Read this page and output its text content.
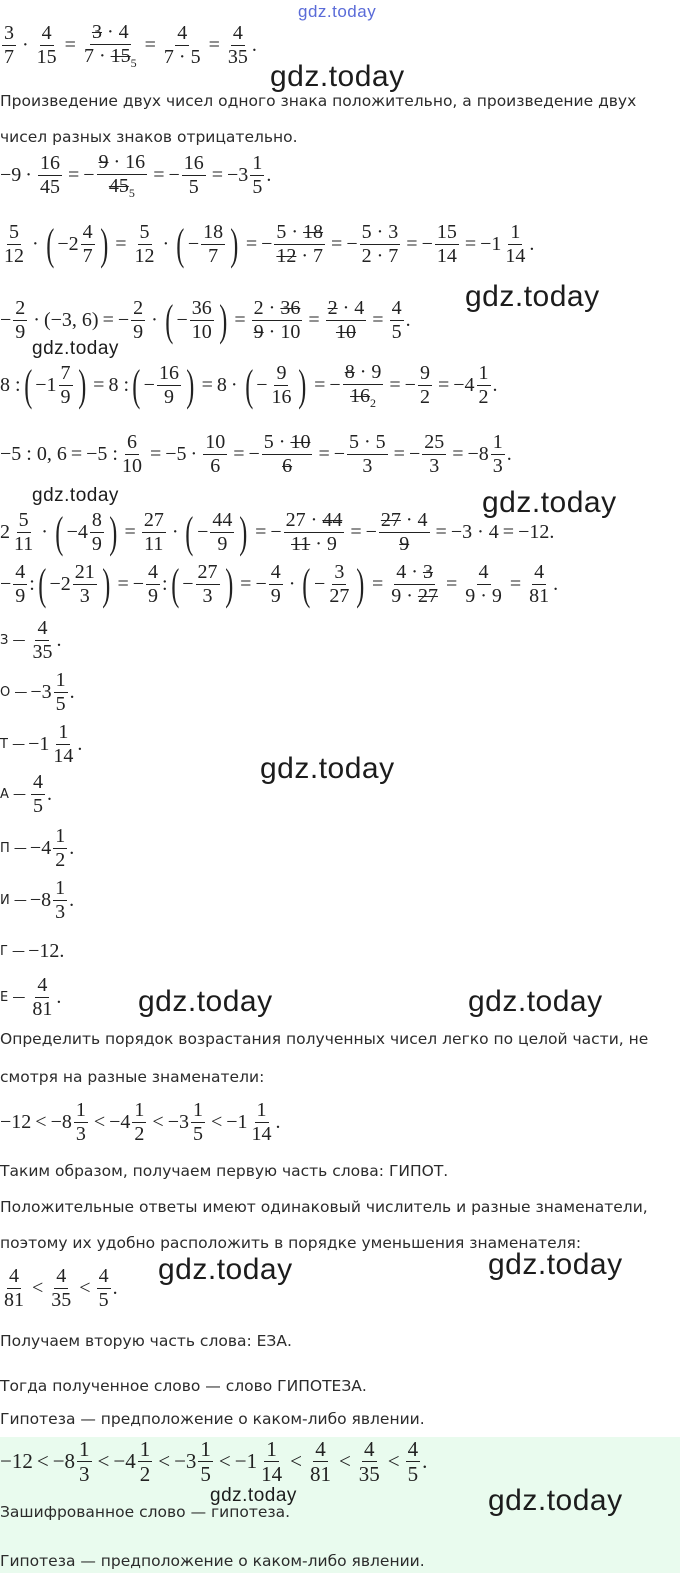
gdz.today
gdz.today
gdz.today
gdz.today
gdz.today	gdz.today
gdz.today
gdz.today	gdz.today
gdz.today	gdz.today
gdz.today	gdz.today
$\frac{3}{7} \cdot \frac{4}{15} = \frac{3 \cdot 4}{7 \cdot 15_5} = \frac{4}{7 \cdot 5} = \frac{4}{35}$ .
Произведение двух чисел одного знака положительно, а произведение двух
чисел разных знаков отрицательно.
$-9 \cdot \frac{16}{45}$ = − $\frac{9 \cdot 16}{45_5}$ = − $\frac{16}{5} = -3 \frac{1}{5}$ .
$\frac{5}{12}$ · ( $-2 \frac{4}{7}$ ) = $\frac{5}{12}$ · ( − $\frac{18}{7}$ ) = − $\frac{5 \cdot 18}{12 \cdot 7}$ = − $\frac{5 \cdot 3}{2 \cdot 7}$ = − $\frac{15}{14} = -1 \frac{1}{14}$ .
− $\frac{2}{9} \cdot (-3$, 6) = − $\frac{2}{9}$ · ( − $\frac{36}{10}$ ) = $\frac{2 \cdot 36}{9 \cdot 10} = \frac{2 \cdot 4}{10} = \frac{4}{5}$ .
8 : ( $-1 \frac{7}{9}$ ) = 8 : ( − $\frac{16}{9}$ ) = 8 · ( − $\frac{9}{16}$ ) = − $\frac{8 \cdot 9}{16_2}$ = − $\frac{9}{2} = -4 \frac{1}{2}$ .
−5 : 0, 6 = −5 : $\frac{6}{10} = -5 \cdot \frac{10}{6}$ = − $\frac{5 \cdot 10}{6}$ = − $\frac{5 \cdot 5}{3}$ = − $\frac{25}{3} = -8 \frac{1}{3}$ .
$2 \frac{5}{11}$ · ( $-4 \frac{8}{9}$ ) = $\frac{27}{11}$ · ( − $\frac{44}{9}$ ) = − $\frac{27 \cdot 44}{11 \cdot 9}$ = − $\frac{27 \cdot 4}{9} = -3 \cdot 4 = -12$.
− $\frac{4}{9}$ : ( $-2 \frac{21}{3}$ ) = − $\frac{4}{9}$ : ( − $\frac{27}{3}$ ) = − $\frac{4}{9}$ · ( − $\frac{3}{27}$ ) = $\frac{4 \cdot 3}{9 \cdot 27} = \frac{4}{9 \cdot 9} = \frac{4}{81}$ .
З — $\frac{4}{35}$ .
О — $-3 \frac{1}{5}$ .
Т — $-1 \frac{1}{14}$ .
А — $\frac{4}{5}$ .
П — $-4 \frac{1}{2}$ .
И — $-8 \frac{1}{3}$ .
Г — −12.
Е — $\frac{4}{81}$ .
Определить порядок возрастания полученных чисел легко по целой части, не
смотря на разные знаменатели:
$-12 < -8 \frac{1}{3} < -4 \frac{1}{2} < -3 \frac{1}{5} < -1 \frac{1}{14}$ .
Таким образом, получаем первую часть слова: ГИПОТ.
Положительные ответы имеют одинаковый числитель и разные знаменатели,
поэтому их удобно расположить в порядке уменьшения знаменателя:
$\frac{4}{81} < \frac{4}{35} < \frac{4}{5}$ .
Получаем вторую часть слова: ЕЗА.
Тогда полученное слово — слово ГИПОТЕЗА.
Гипотеза — предположение о каком-либо явлении.
$-12 < -8 \frac{1}{3} < -4 \frac{1}{2} < -3 \frac{1}{5} < -1 \frac{1}{14} < \frac{4}{81} < \frac{4}{35} < \frac{4}{5}$ .
Зашифрованное слово — гипотеза.
Гипотеза — предположение о каком-либо явлении.
